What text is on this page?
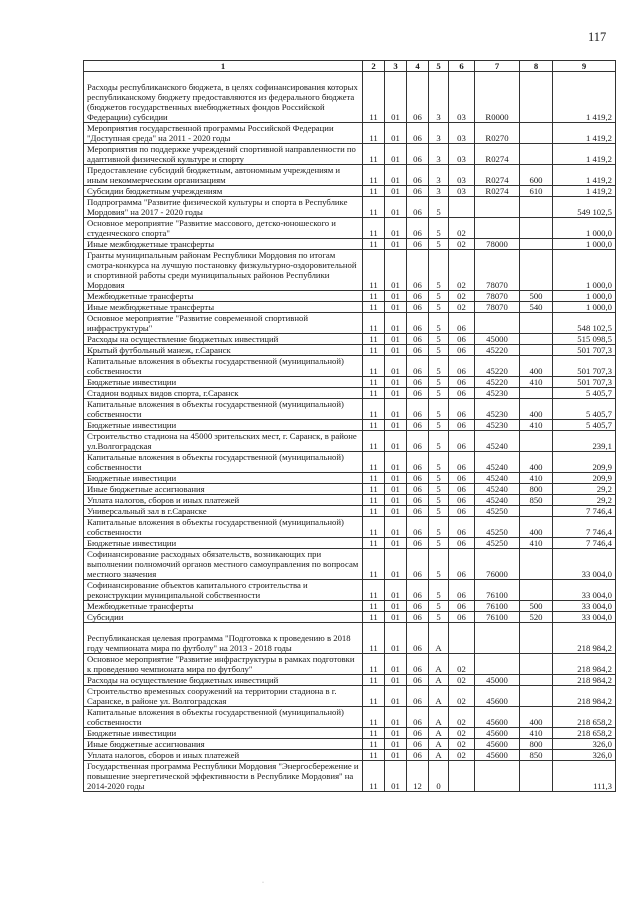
117
1	2	3	4	5	6	7	8	9
Расходы республиканского бюджета, в целях софинансирования которых республиканскому бюджету предоставляются из федерального бюджета (бюджетов государственных внебюджетных фондов Российской Федерации) субсидии	11	01	06	3	03	R0000		1 419,2
Мероприятия государственной программы Российской Федерации "Доступная среда" на 2011 - 2020 годы	11	01	06	3	03	R0270		1 419,2
Мероприятия по поддержке учреждений спортивной направленности по адаптивной физической культуре и спорту	11	01	06	3	03	R0274		1 419,2
Предоставление субсидий бюджетным, автономным учреждениям и иным некоммерческим организациям	11	01	06	3	03	R0274	600	1 419,2
Субсидии бюджетным учреждениям	11	01	06	3	03	R0274	610	1 419,2
Подпрограмма "Развитие физической культуры и спорта в Республике Мордовия" на 2017 - 2020 годы	11	01	06	5				549 102,5
Основное мероприятие "Развитие массового, детско-юношеского и студенческого спорта"	11	01	06	5	02			1 000,0
Иные межбюджетные трансферты	11	01	06	5	02	78000		1 000,0
Гранты муниципальным районам Республики Мордовия по итогам смотра-конкурса на лучшую постановку физкультурно-оздоровительной и спортивной работы среди муниципальных районов Республики Мордовия	11	01	06	5	02	78070		1 000,0
Межбюджетные трансферты	11	01	06	5	02	78070	500	1 000,0
Иные межбюджетные трансферты	11	01	06	5	02	78070	540	1 000,0
Основное мероприятие "Развитие современной спортивной инфраструктуры"	11	01	06	5	06			548 102,5
Расходы на осуществление бюджетных инвестиций	11	01	06	5	06	45000		515 098,5
Крытый футбольный манеж, г.Саранск	11	01	06	5	06	45220		501 707,3
Капитальные вложения в объекты государственной (муниципальной) собственности	11	01	06	5	06	45220	400	501 707,3
Бюджетные инвестиции	11	01	06	5	06	45220	410	501 707,3
Стадион водных видов спорта, г.Саранск	11	01	06	5	06	45230		5 405,7
Капитальные вложения в объекты государственной (муниципальной) собственности	11	01	06	5	06	45230	400	5 405,7
Бюджетные инвестиции	11	01	06	5	06	45230	410	5 405,7
Строительство стадиона на 45000 зрительских мест, г. Саранск, в районе ул.Волгоградская	11	01	06	5	06	45240		239,1
Капитальные вложения в объекты государственной (муниципальной) собственности	11	01	06	5	06	45240	400	209,9
Бюджетные инвестиции	11	01	06	5	06	45240	410	209,9
Иные бюджетные ассигнования	11	01	06	5	06	45240	800	29,2
Уплата налогов, сборов и иных платежей	11	01	06	5	06	45240	850	29,2
Универсальный зал в г.Саранске	11	01	06	5	06	45250		7 746,4
Капитальные вложения в объекты государственной (муниципальной) собственности	11	01	06	5	06	45250	400	7 746,4
Бюджетные инвестиции	11	01	06	5	06	45250	410	7 746,4
Софинансирование расходных обязательств, возникающих при выполнении полномочий органов местного самоуправления по вопросам местного значения	11	01	06	5	06	76000		33 004,0
Софинансирование объектов капитального строительства и реконструкции муниципальной собственности	11	01	06	5	06	76100		33 004,0
Межбюджетные трансферты	11	01	06	5	06	76100	500	33 004,0
Субсидии	11	01	06	5	06	76100	520	33 004,0
Республиканская целевая программа "Подготовка к проведению в 2018 году чемпионата мира по футболу" на 2013 - 2018 годы	11	01	06	А				218 984,2
Основное мероприятие "Развитие инфраструктуры в рамках подготовки к проведению чемпионата мира по футболу"	11	01	06	А	02			218 984,2
Расходы на осуществление бюджетных инвестиций	11	01	06	А	02	45000		218 984,2
Строительство временных сооружений на территории стадиона в г. Саранске, в районе ул. Волгоградская	11	01	06	А	02	45600		218 984,2
Капитальные вложения в объекты государственной (муниципальной) собственности	11	01	06	А	02	45600	400	218 658,2
Бюджетные инвестиции	11	01	06	А	02	45600	410	218 658,2
Иные бюджетные ассигнования	11	01	06	А	02	45600	800	326,0
Уплата налогов, сборов и иных платежей	11	01	06	А	02	45600	850	326,0
Государственная программа Республики Мордовия "Энергосбережение и повышение энергетической эффективности в Республике Мордовия" на 2014-2020 годы	11	01	12	0				111,3
·
